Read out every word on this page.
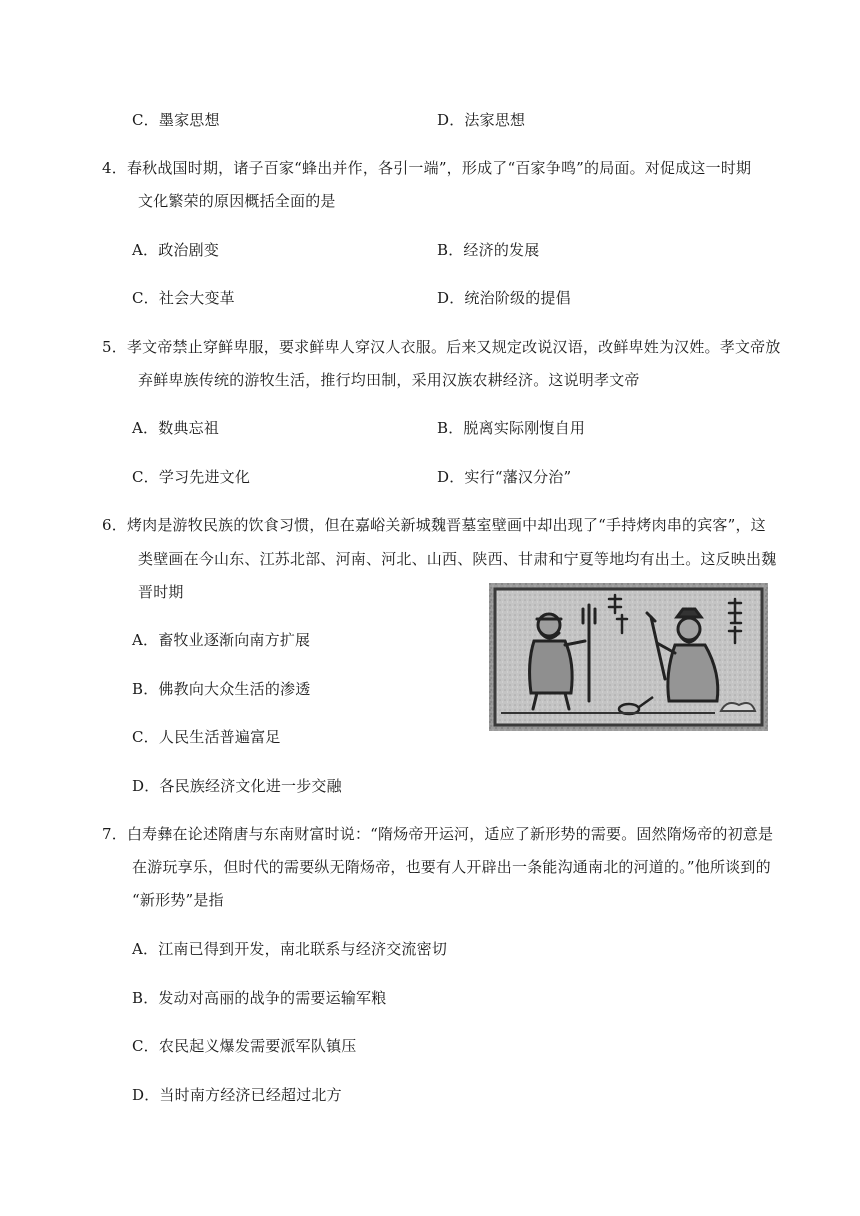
C．墨家思想	D．法家思想
4．春秋战国时期，诸子百家“蜂出并作，各引一端”，形成了“百家争鸣”的局面。对促成这一时期
文化繁荣的原因概括全面的是
A．政治剧变	B．经济的发展
C．社会大变革	D．统治阶级的提倡
5．孝文帝禁止穿鲜卑服，要求鲜卑人穿汉人衣服。后来又规定改说汉语，改鲜卑姓为汉姓。孝文帝放
弃鲜卑族传统的游牧生活，推行均田制，采用汉族农耕经济。这说明孝文帝
A．数典忘祖	B．脱离实际刚愎自用
C．学习先进文化	D．实行“藩汉分治”
6．烤肉是游牧民族的饮食习惯，但在嘉峪关新城魏晋墓室壁画中却出现了“手持烤肉串的宾客”，这
类壁画在今山东、江苏北部、河南、河北、山西、陕西、甘肃和宁夏等地均有出土。这反映出魏
晋时期
A．畜牧业逐渐向南方扩展
B．佛教向大众生活的渗透
C．人民生活普遍富足
D．各民族经济文化进一步交融
7．白寿彝在论述隋唐与东南财富时说：“隋炀帝开运河，适应了新形势的需要。固然隋炀帝的初意是
在游玩享乐，但时代的需要纵无隋炀帝，也要有人开辟出一条能沟通南北的河道的。”他所谈到的
“新形势”是指
A．江南已得到开发，南北联系与经济交流密切
B．发动对高丽的战争的需要运输军粮
C．农民起义爆发需要派军队镇压
D．当时南方经济已经超过北方
